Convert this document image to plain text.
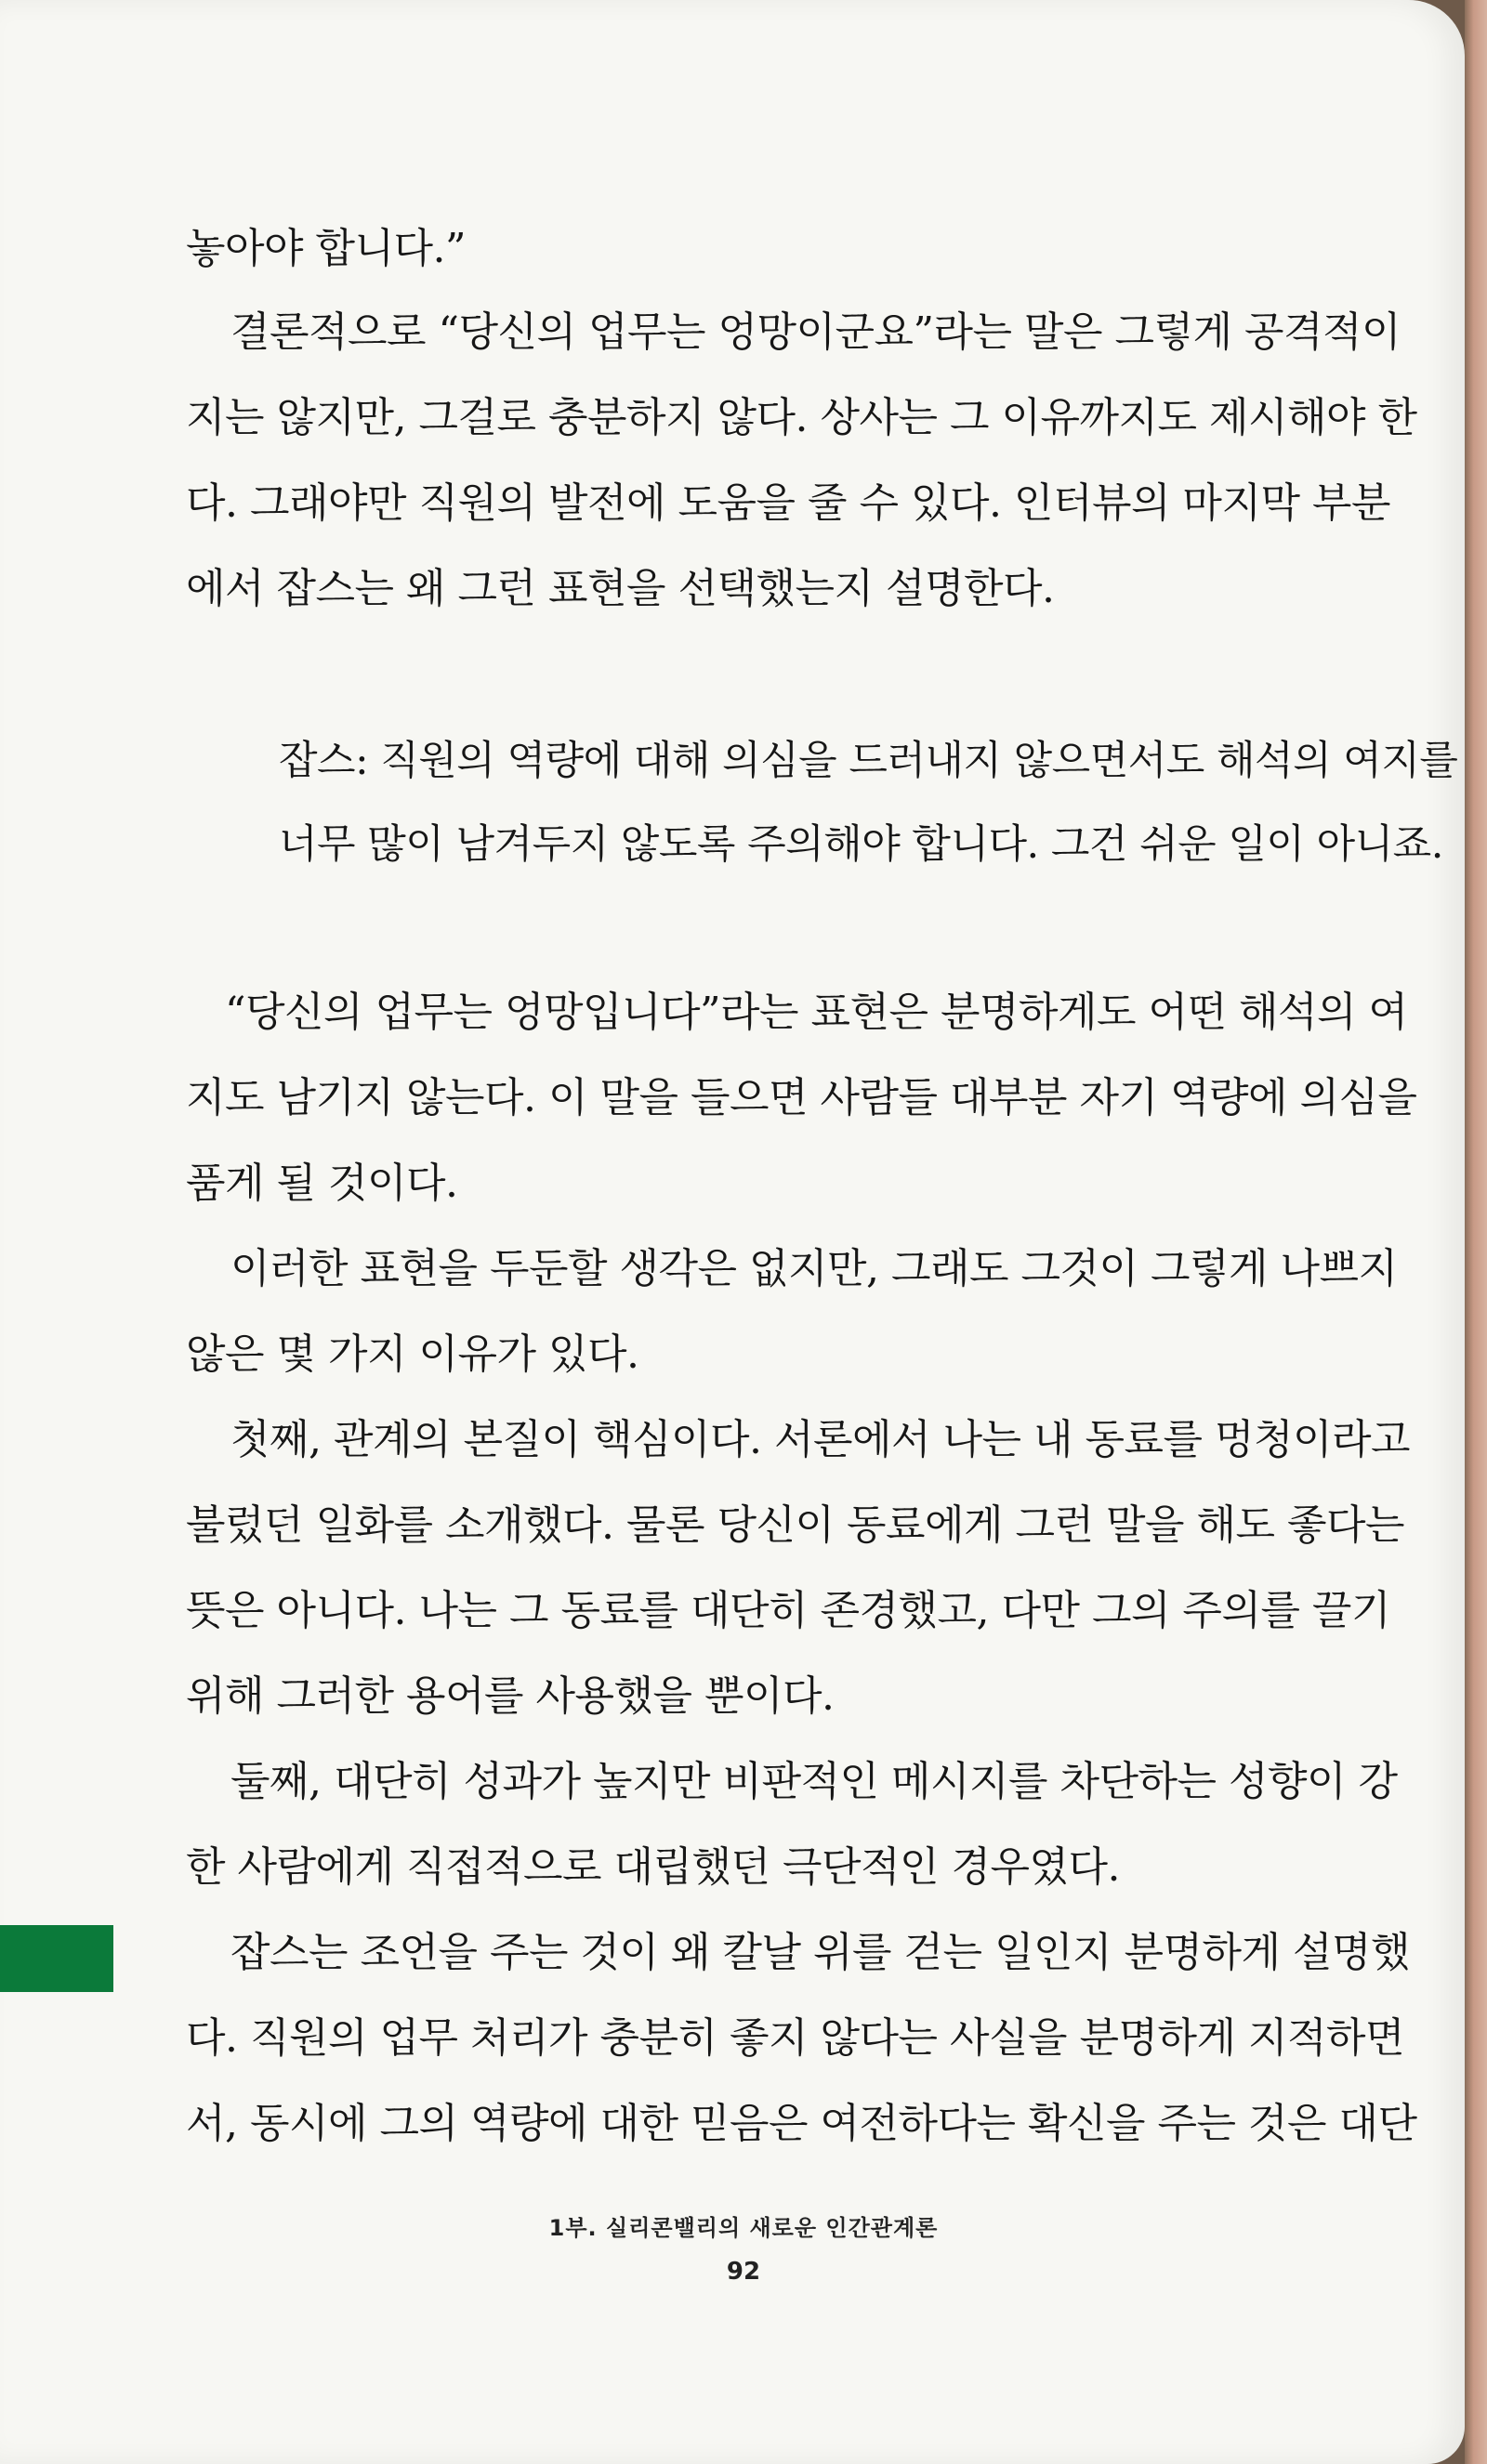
놓아야 합니다.”
결론적으로 “당신의 업무는 엉망이군요”라는 말은 그렇게 공격적이
지는 않지만, 그걸로 충분하지 않다. 상사는 그 이유까지도 제시해야 한
다. 그래야만 직원의 발전에 도움을 줄 수 있다. 인터뷰의 마지막 부분
에서 잡스는 왜 그런 표현을 선택했는지 설명한다.
잡스: 직원의 역량에 대해 의심을 드러내지 않으면서도 해석의 여지를
너무 많이 남겨두지 않도록 주의해야 합니다. 그건 쉬운 일이 아니죠.
“당신의 업무는 엉망입니다”라는 표현은 분명하게도 어떤 해석의 여
지도 남기지 않는다. 이 말을 들으면 사람들 대부분 자기 역량에 의심을
품게 될 것이다.
이러한 표현을 두둔할 생각은 없지만, 그래도 그것이 그렇게 나쁘지
않은 몇 가지 이유가 있다.
첫째, 관계의 본질이 핵심이다. 서론에서 나는 내 동료를 멍청이라고
불렀던 일화를 소개했다. 물론 당신이 동료에게 그런 말을 해도 좋다는
뜻은 아니다. 나는 그 동료를 대단히 존경했고, 다만 그의 주의를 끌기
위해 그러한 용어를 사용했을 뿐이다.
둘째, 대단히 성과가 높지만 비판적인 메시지를 차단하는 성향이 강
한 사람에게 직접적으로 대립했던 극단적인 경우였다.
잡스는 조언을 주는 것이 왜 칼날 위를 걷는 일인지 분명하게 설명했
다. 직원의 업무 처리가 충분히 좋지 않다는 사실을 분명하게 지적하면
서, 동시에 그의 역량에 대한 믿음은 여전하다는 확신을 주는 것은 대단
1부. 실리콘밸리의 새로운 인간관계론
92
